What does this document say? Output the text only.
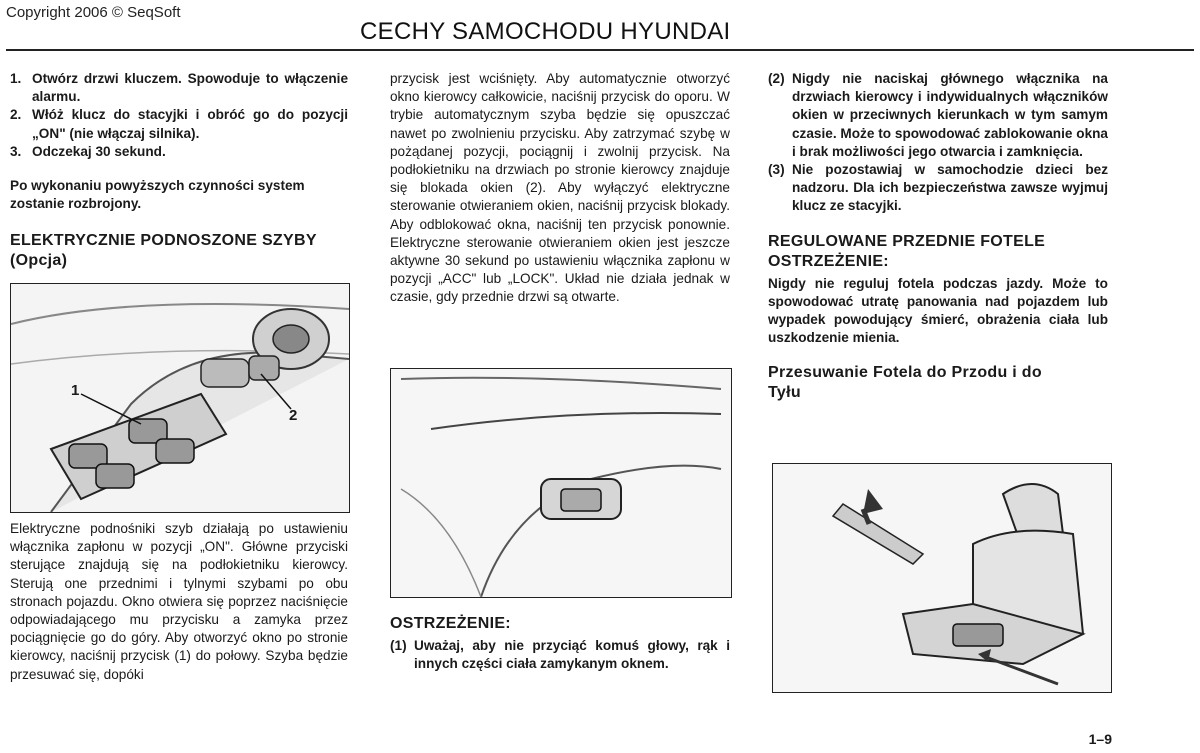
Copyright 2006 © SeqSoft
CECHY SAMOCHODU HYUNDAI
1. Otwórz drzwi kluczem. Spowoduje to włączenie alarmu.
2. Włóż klucz do stacyjki i obróć go do pozycji „ON" (nie włączaj silnika).
3. Odczekaj 30 sekund.

Po wykonaniu powyższych czynności system zostanie rozbrojony.

ELEKTRYCZNIE PODNOSZONE SZYBY (Opcja)
1
2
Elektryczne podnośniki szyb działają po ustawieniu włącznika zapłonu w pozycji „ON". Główne przyciski sterujące znajdują się na podłokietniku kierowcy. Sterują one przednimi i tylnymi szybami po obu stronach pojazdu. Okno otwiera się poprzez naciśnięcie odpowiadającego mu przycisku a zamyka przez pociągnięcie go do góry. Aby otworzyć okno po stronie kierowcy, naciśnij przycisk (1) do połowy. Szyba będzie przesuwać się, dopóki
przycisk jest wciśnięty. Aby automatycznie otworzyć okno kierowcy całkowicie, naciśnij przycisk do oporu. W trybie automatycznym szyba będzie się opuszczać nawet po zwolnieniu przycisku. Aby zatrzymać szybę w pożądanej pozycji, pociągnij i zwolnij przycisk. Na podłokietniku na drzwiach po stronie kierowcy znajduje się blokada okien (2). Aby wyłączyć elektryczne sterowanie otwieraniem okien, naciśnij przycisk blokady. Aby odblokować okna, naciśnij ten przycisk ponownie. Elektryczne sterowanie otwieraniem okien jest jeszcze aktywne 30 sekund po ustawieniu włącznika zapłonu w pozycji „ACC" lub „LOCK". Układ nie działa jednak w czasie, gdy przednie drzwi są otwarte.
OSTRZEŻENIE:
(1) Uważaj, aby nie przyciąć komuś głowy, rąk i innych części ciała zamykanym oknem.
(2) Nigdy nie naciskaj głównego włącznika na drzwiach kierowcy i indywidualnych włączników okien w przeciwnych kierunkach w tym samym czasie. Może to spowodować zablokowanie okna i brak możliwości jego otwarcia i zamknięcia.
(3) Nie pozostawiaj w samochodzie dzieci bez nadzoru. Dla ich bezpieczeństwa zawsze wyjmuj klucz ze stacyjki.
REGULOWANE PRZEDNIE FOTELE
OSTRZEŻENIE:

Nigdy nie reguluj fotela podczas jazdy. Może to spowodować utratę panowania nad pojazdem lub wypadek powodujący śmierć, obrażenia ciała lub uszkodzenie mienia.

Przesuwanie Fotela do Przodu i do Tyłu
1–9
